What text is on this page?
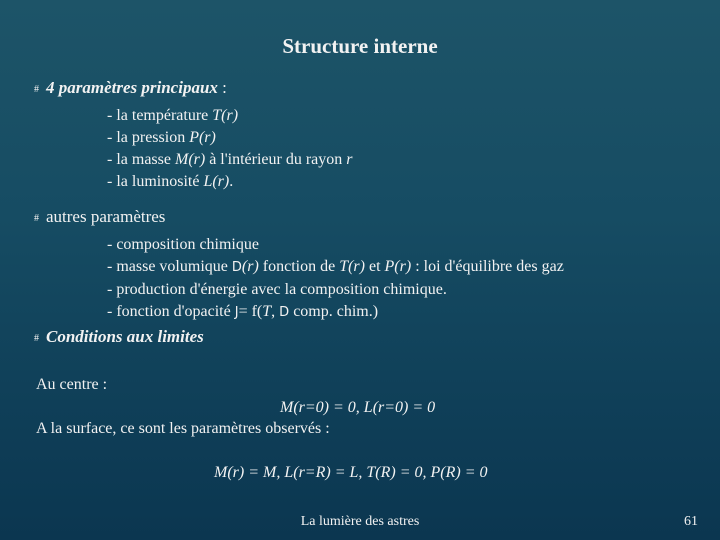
Structure interne
# 4 paramètres principaux :
- la température T(r)
- la pression P(r)
- la masse M(r) à l'intérieur du rayon r
- la luminosité L(r).
# autres paramètres
- composition chimique
- masse volumique D(r) fonction de T(r) et P(r) : loi d'équilibre des gaz
- production d'énergie avec la composition chimique.
- fonction d'opacité J= f(T, D comp. chim.)
# Conditions aux limites
Au centre :
M(r=0) = 0, L(r=0) = 0
A la surface, ce sont les paramètres observés :
M(r) = M, L(r=R) = L, T(R) = 0, P(R) = 0
La lumière des astres	61
